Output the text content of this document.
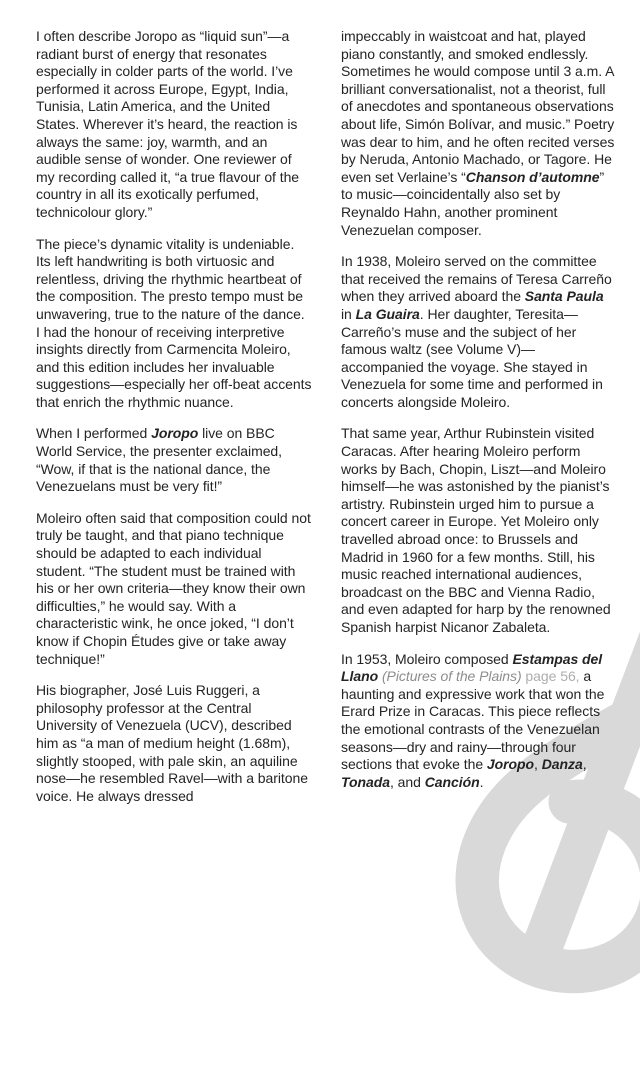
I often describe Joropo as “liquid sun”—a radiant burst of energy that resonates especially in colder parts of the world. I’ve performed it across Europe, Egypt, India, Tunisia, Latin America, and the United States. Wherever it’s heard, the reaction is always the same: joy, warmth, and an audible sense of wonder. One reviewer of my recording called it, “a true flavour of the country in all its exotically perfumed, technicolour glory.”

The piece’s dynamic vitality is undeniable. Its left handwriting is both virtuosic and relentless, driving the rhythmic heartbeat of the composition. The presto tempo must be unwavering, true to the nature of the dance. I had the honour of receiving interpretive insights directly from Carmencita Moleiro, and this edition includes her invaluable suggestions—especially her off-beat accents that enrich the rhythmic nuance.

When I performed Joropo live on BBC World Service, the presenter exclaimed, “Wow, if that is the national dance, the Venezuelans must be very fit!”

Moleiro often said that composition could not truly be taught, and that piano technique should be adapted to each individual student. “The student must be trained with his or her own criteria—they know their own difficulties,” he would say. With a characteristic wink, he once joked, “I don’t know if Chopin Études give or take away technique!”

His biographer, José Luis Ruggeri, a philosophy professor at the Central University of Venezuela (UCV), described him as “a man of medium height (1.68m), slightly stooped, with pale skin, an aquiline nose—he resembled Ravel—with a baritone voice. He always dressed

impeccably in waistcoat and hat, played piano constantly, and smoked endlessly. Sometimes he would compose until 3 a.m. A brilliant conversationalist, not a theorist, full of anecdotes and spontaneous observations about life, Simón Bolívar, and music.” Poetry was dear to him, and he often recited verses by Neruda, Antonio Machado, or Tagore. He even set Verlaine’s “Chanson d’automne” to music—coincidentally also set by Reynaldo Hahn, another prominent Venezuelan composer.

In 1938, Moleiro served on the committee that received the remains of Teresa Carreño when they arrived aboard the Santa Paula in La Guaira. Her daughter, Teresita—Carreño’s muse and the subject of her famous waltz (see Volume V)—accompanied the voyage. She stayed in Venezuela for some time and performed in concerts alongside Moleiro.

That same year, Arthur Rubinstein visited Caracas. After hearing Moleiro perform works by Bach, Chopin, Liszt—and Moleiro himself—he was astonished by the pianist’s artistry. Rubinstein urged him to pursue a concert career in Europe. Yet Moleiro only travelled abroad once: to Brussels and Madrid in 1960 for a few months. Still, his music reached international audiences, broadcast on the BBC and Vienna Radio, and even adapted for harp by the renowned Spanish harpist Nicanor Zabaleta.

In 1953, Moleiro composed Estampas del Llano (Pictures of the Plains) page 56, a haunting and expressive work that won the Erard Prize in Caracas. This piece reflects the emotional contrasts of the Venezuelan seasons—dry and rainy—through four sections that evoke the Joropo, Danza, Tonada, and Canción.
